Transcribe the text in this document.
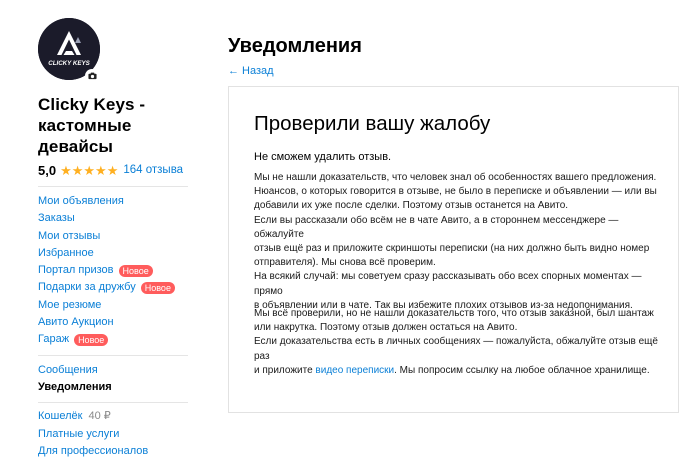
CLICKY KEYS
Clicky Keys - кастомные девайсы
5,0 ★ ★ ★ ★ ★ 164 отзыва
Мои объявления
Заказы
Мои отзывы
Избранное
Портал призов	Новое
Подарки за дружбу	Новое
Мое резюме
Авито Аукцион
Гараж	Новое
Сообщения
Уведомления
Кошелёк 40 ₽
Платные услуги
Для профессионалов
Уведомления
← Назад
Проверили вашу жалобу
Не сможем удалить отзыв.

Мы не нашли доказательств, что человек знал об особенностях вашего предложения.

Нюансов, о которых говорится в отзыве, не было в переписке и объявлении — или вы

добавили их уже после сделки. Поэтому отзыв останется на Авито.

Если вы рассказали обо всём не в чате Авито, а в стороннем мессенджере — обжалуйте

отзыв ещё раз и приложите скриншоты переписки (на них должно быть видно номер

отправителя). Мы снова всё проверим.

На всякий случай: мы советуем сразу рассказывать обо всех спорных моментах — прямо

в объявлении или в чате. Так вы избежите плохих отзывов из-за недопонимания.

Мы всё проверили, но не нашли доказательств того, что отзыв заказной, был шантаж

или накрутка. Поэтому отзыв должен остаться на Авито.

Если доказательства есть в личных сообщениях — пожалуйста, обжалуйте отзыв ещё раз

и приложите видео переписки. Мы попросим ссылку на любое облачное хранилище.
